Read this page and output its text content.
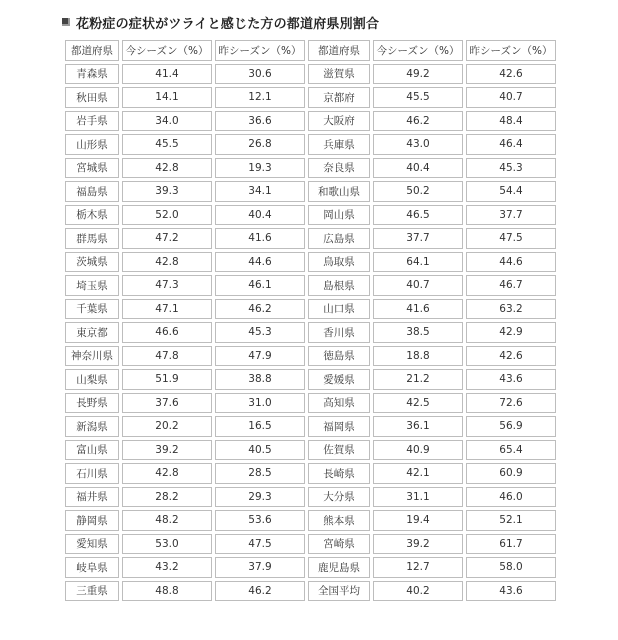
花粉症の症状がツライと感じた方の都道府県別割合
都道府県	今シーズン（%）	昨シーズン（%）	都道府県	今シーズン（%）	昨シーズン（%）
青森県	41.4	30.6	滋賀県	49.2	42.6
秋田県	14.1	12.1	京都府	45.5	40.7
岩手県	34.0	36.6	大阪府	46.2	48.4
山形県	45.5	26.8	兵庫県	43.0	46.4
宮城県	42.8	19.3	奈良県	40.4	45.3
福島県	39.3	34.1	和歌山県	50.2	54.4
栃木県	52.0	40.4	岡山県	46.5	37.7
群馬県	47.2	41.6	広島県	37.7	47.5
茨城県	42.8	44.6	鳥取県	64.1	44.6
埼玉県	47.3	46.1	島根県	40.7	46.7
千葉県	47.1	46.2	山口県	41.6	63.2
東京都	46.6	45.3	香川県	38.5	42.9
神奈川県	47.8	47.9	徳島県	18.8	42.6
山梨県	51.9	38.8	愛媛県	21.2	43.6
長野県	37.6	31.0	高知県	42.5	72.6
新潟県	20.2	16.5	福岡県	36.1	56.9
富山県	39.2	40.5	佐賀県	40.9	65.4
石川県	42.8	28.5	長崎県	42.1	60.9
福井県	28.2	29.3	大分県	31.1	46.0
静岡県	48.2	53.6	熊本県	19.4	52.1
愛知県	53.0	47.5	宮崎県	39.2	61.7
岐阜県	43.2	37.9	鹿児島県	12.7	58.0
三重県	48.8	46.2	全国平均	40.2	43.6
